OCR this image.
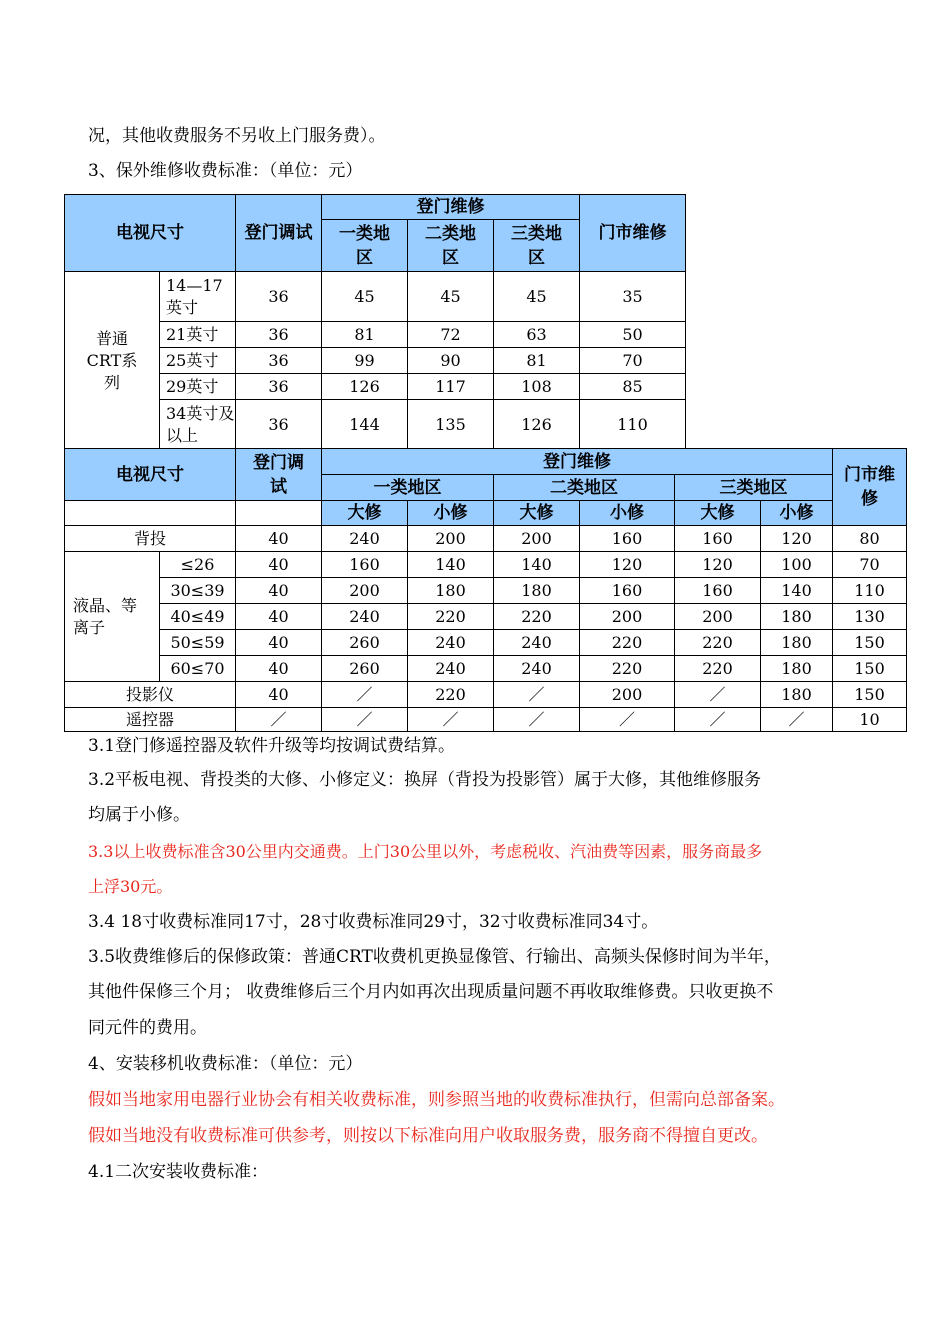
况，其他收费服务不另收上门服务费）。
3、保外维修收费标准：（单位：元）
电视尺寸		登门调试	登门维修			门市维修
			一类地区	二类地区	三类地区	
普通CRT系列	14—17英寸	36	45	45	45	35
	21英寸	36	81	72	63	50
	25英寸	36	99	90	81	70
	29英寸	36	126	117	108	85
	34英寸及以上	36	144	135	126	110
电视尺寸		登门调试	登门维修						门市维修
			一类地区		二类地区		三类地区		
			大修	小修	大修	小修	大修	小修	
背投		40	240	200	200	160	160	120	80
液晶、等离子	≤26	40	160	140	140	120	120	100	70
	30≤39	40	200	180	180	160	160	140	110
	40≤49	40	240	220	220	200	200	180	130
	50≤59	40	260	240	240	220	220	180	150
	60≤70	40	260	240	240	220	220	180	150
投影仪		40	／	220	／	200	／	180	150
遥控器		／	／	／	／	／	／	／	10
3.1登门修遥控器及软件升级等均按调试费结算。
3.2平板电视、背投类的大修、小修定义：换屏（背投为投影管）属于大修，其他维修服务
均属于小修。
3.3以上收费标准含30公里内交通费。上门30公里以外，考虑税收、汽油费等因素，服务商最多
上浮30元。
3.4 18寸收费标准同17寸，28寸收费标准同29寸，32寸收费标准同34寸。
3.5收费维修后的保修政策：普通CRT收费机更换显像管、行输出、高频头保修时间为半年，
其他件保修三个月； 收费维修后三个月内如再次出现质量问题不再收取维修费。只收更换不
同元件的费用。
4、安装移机收费标准：（单位：元）
假如当地家用电器行业协会有相关收费标准，则参照当地的收费标准执行，但需向总部备案。
假如当地没有收费标准可供参考，则按以下标准向用户收取服务费，服务商不得擅自更改。
4.1二次安装收费标准：
